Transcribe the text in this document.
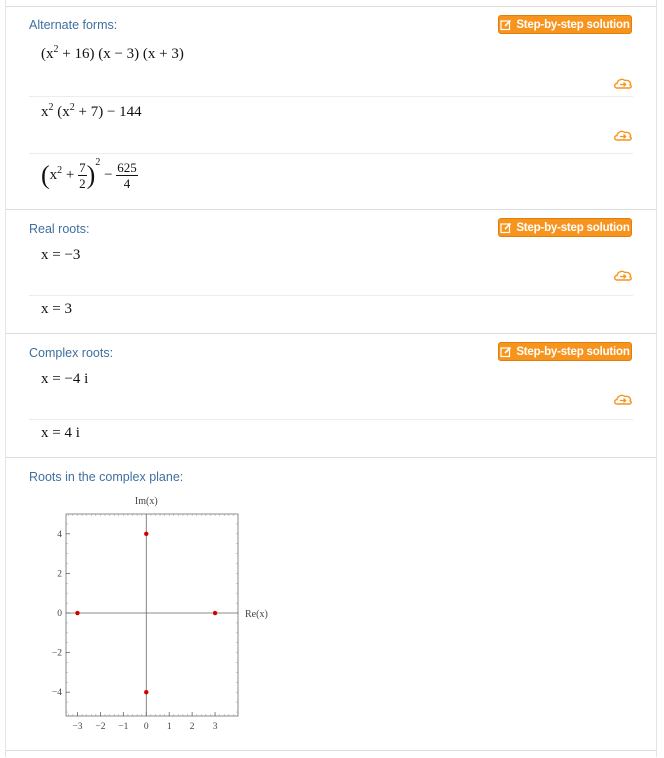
Alternate forms:	Step-by-step solution
$(x^2 + 16) (x - 3) (x + 3)$
$x^2$ $(x^2 + 7) - 144$
$(x^2 + \frac{7}{2} )^2 - \frac{625}{4}$
Real roots:	Step-by-step solution
x = −3
x = 3
Complex roots:	Step-by-step solution
x = −4 i
x = 4 i
Roots in the complex plane:
−3 −2 −1 0 1 2 3
−4
−2
0
2
4
Im(x)
Re(x)
